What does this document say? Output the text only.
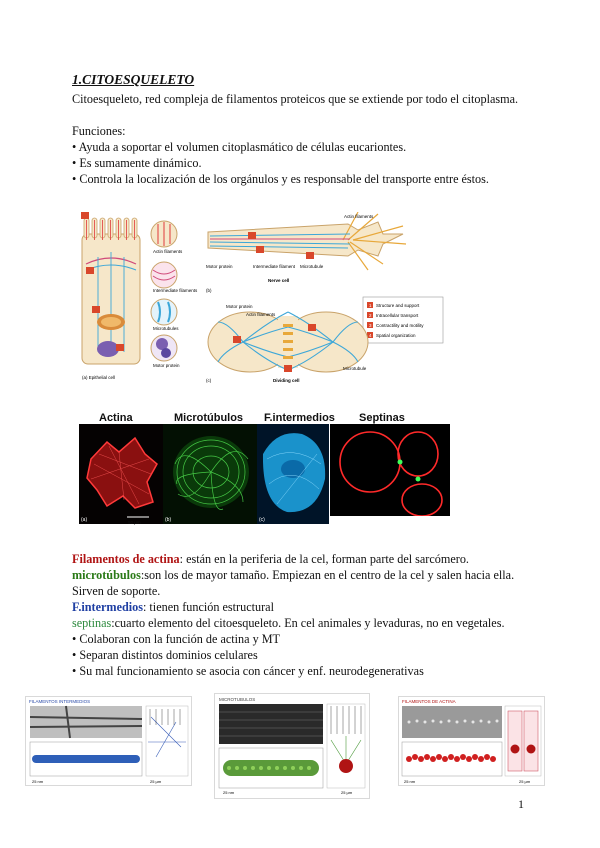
1.CITOESQUELETO
Citoesqueleto, red compleja de filamentos proteicos que se extiende por todo el citoplasma.
Funciones:
• Ayuda a soportar el volumen citoplasmático de células eucariontes.
• Es sumamente dinámico.
• Controla la localización de los orgánulos y es responsable del transporte entre éstos.
(a) Epithelial cell
Actin filaments
Intermediate filaments
Microtubules
Motor protein
Motor protein	Intermediate filament Microtubule
Nerve cell
(b)
Actin filaments
1 Structure and support
2 Intracellular transport
3 Contractility and motility
4 Spatial organization
Motor protein
Actin filaments
Microtubule
Dividing cell
(c)
Actina	Microtúbulos F.intermedios Septinas
(a)	50 µm	(b)	(c)
Filamentos de actina: están en la periferia de la cel, forman parte del sarcómero.
microtúbulos:son los de mayor tamaño. Empiezan en el centro de la cel y salen hacia ella.
Sirven de soporte.
F.intermedios: tienen función estructural
septinas:cuarto elemento del citoesqueleto. En cel animales y levaduras, no en vegetales.
• Colaboran con la función de actina y MT
• Separan distintos dominios celulares
• Su mal funcionamiento se asocia con cáncer y enf. neurodegenerativas
FILAMENTOS INTERMEDIOS
25 nm	25 µm
MICROTUBULOS
25 nm	25 µm
FILAMENTOS DE ACTINA
25 nm	25 µm
1
